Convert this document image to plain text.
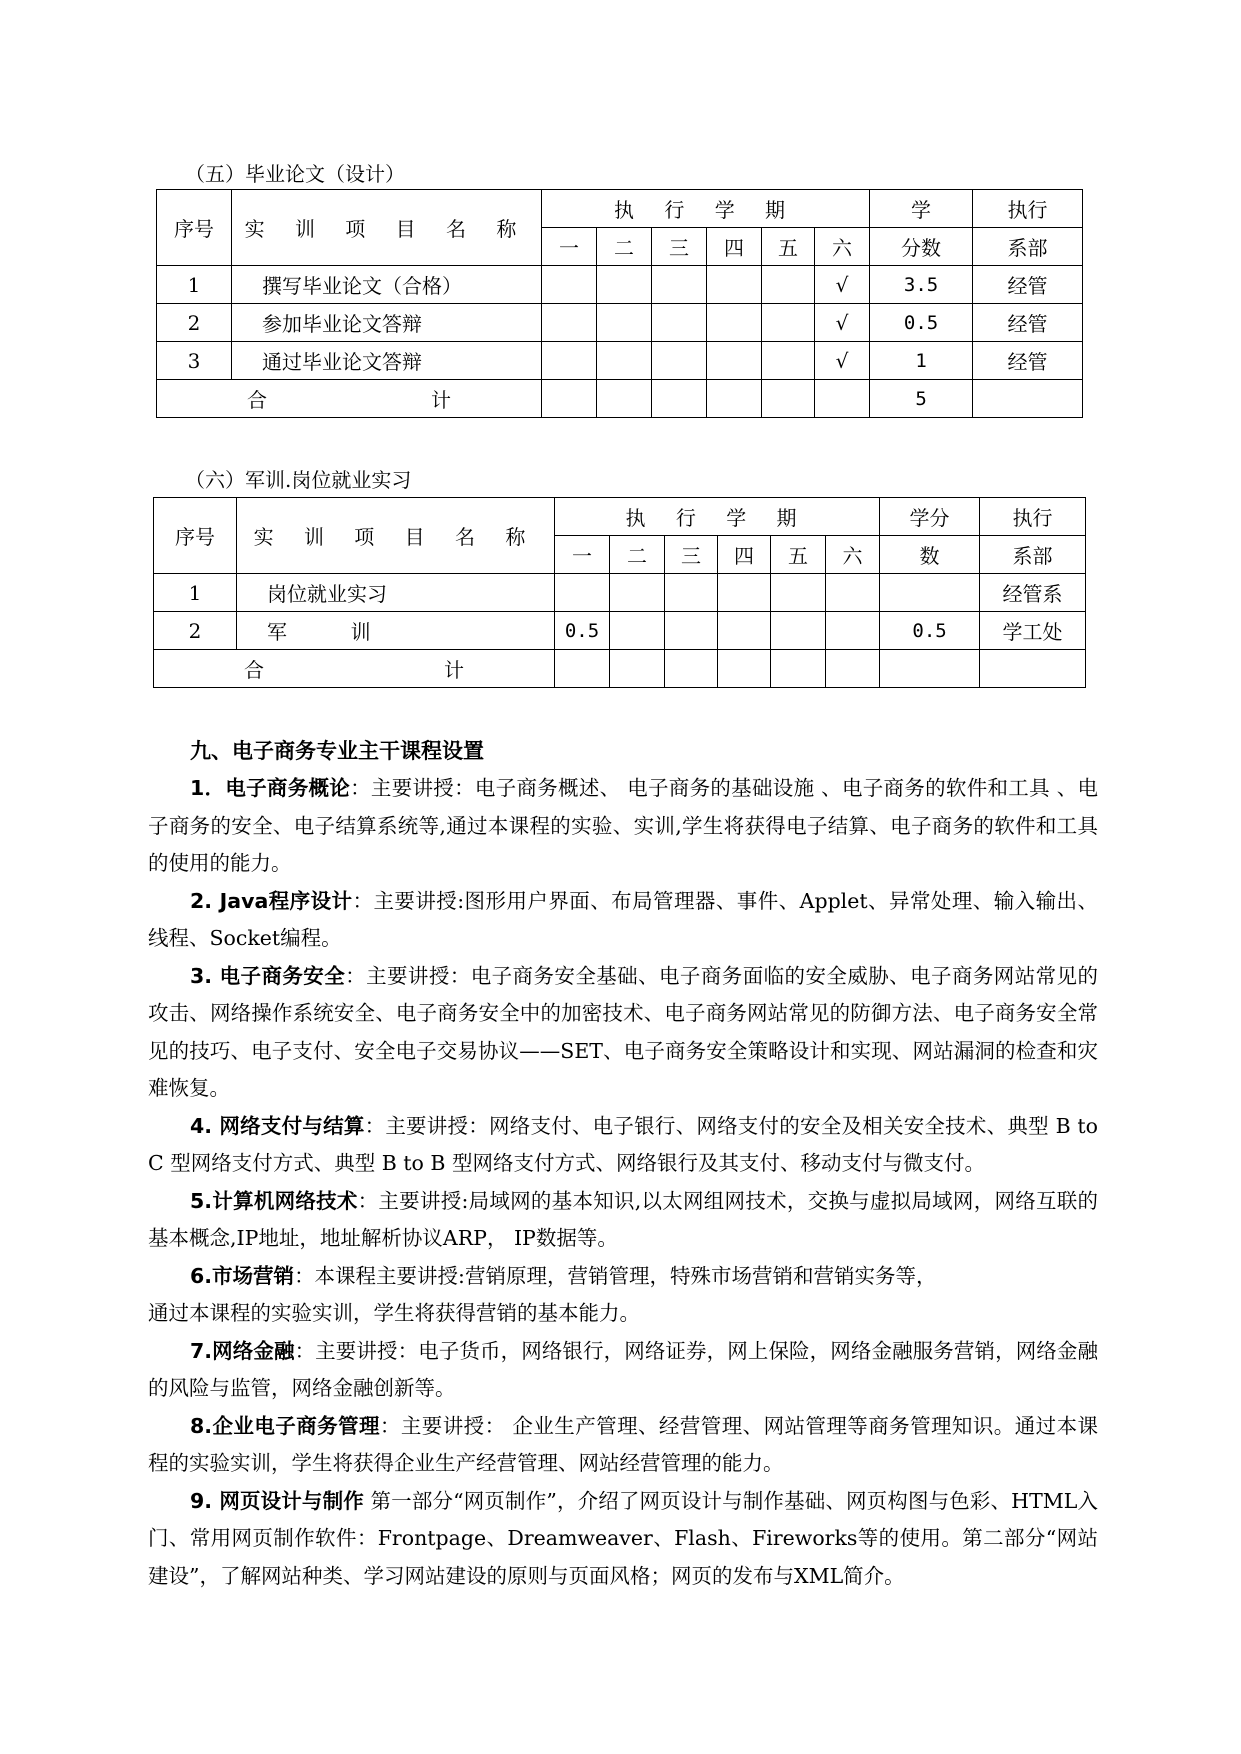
（五）毕业论文（设计）
序号	实 训 项 目 名 称	执 行 学 期						学	执行
		一	二	三	四	五	六	分数	系部
1	撰写毕业论文（合格）						√	3.5	经管
2	参加毕业论文答辩						√	0.5	经管
3	通过毕业论文答辩						√	1	经管

合 计								5	
（六）军训.岗位就业实习
序号	实 训 项 目 名 称	执 行 学 期						学分	执行
		一	二	三	四	五	六	数	系部
1	岗位就业实习								经管系
2	军          训	0.5						0.5	学工处

合 计									

九、电子商务专业主干课程设置

1．电子商务概论：主要讲授：电子商务概述、 电子商务的基础设施 、电子商务的软件和工具 、电子商务的安全、电子结算系统等,通过本课程的实验、实训,学生将获得电子结算、电子商务的软件和工具的使用的能力。

2. Java程序设计：主要讲授:图形用户界面、布局管理器、事件、Applet、异常处理、输入输出、线程、Socket编程。

3. 电子商务安全：主要讲授：电子商务安全基础、电子商务面临的安全威胁、电子商务网站常见的攻击、网络操作系统安全、电子商务安全中的加密技术、电子商务网站常见的防御方法、电子商务安全常见的技巧、电子支付、安全电子交易协议——SET、电子商务安全策略设计和实现、网站漏洞的检查和灾难恢复。

4. 网络支付与结算：主要讲授：网络支付、电子银行、网络支付的安全及相关安全技术、典型 B to C 型网络支付方式、典型 B to B 型网络支付方式、网络银行及其支付、移动支付与微支付。

5.计算机网络技术：主要讲授:局域网的基本知识,以太网组网技术，交换与虚拟局域网，网络互联的基本概念,IP地址，地址解析协议ARP， IP数据等。

6.市场营销：本课程主要讲授:营销原理，营销管理，特殊市场营销和营销实务等，

通过本课程的实验实训，学生将获得营销的基本能力。

7.网络金融：主要讲授：电子货币，网络银行，网络证券，网上保险，网络金融服务营销，网络金融的风险与监管，网络金融创新等。

8.企业电子商务管理：主要讲授： 企业生产管理、经营管理、网站管理等商务管理知识。通过本课程的实验实训，学生将获得企业生产经营管理、网站经营管理的能力。

9. 网页设计与制作 第一部分“网页制作”，介绍了网页设计与制作基础、网页构图与色彩、HTML入门、常用网页制作软件：Frontpage、Dreamweaver、Flash、Fireworks等的使用。第二部分“网站建设”，了解网站种类、学习网站建设的原则与页面风格；网页的发布与XML简介。
